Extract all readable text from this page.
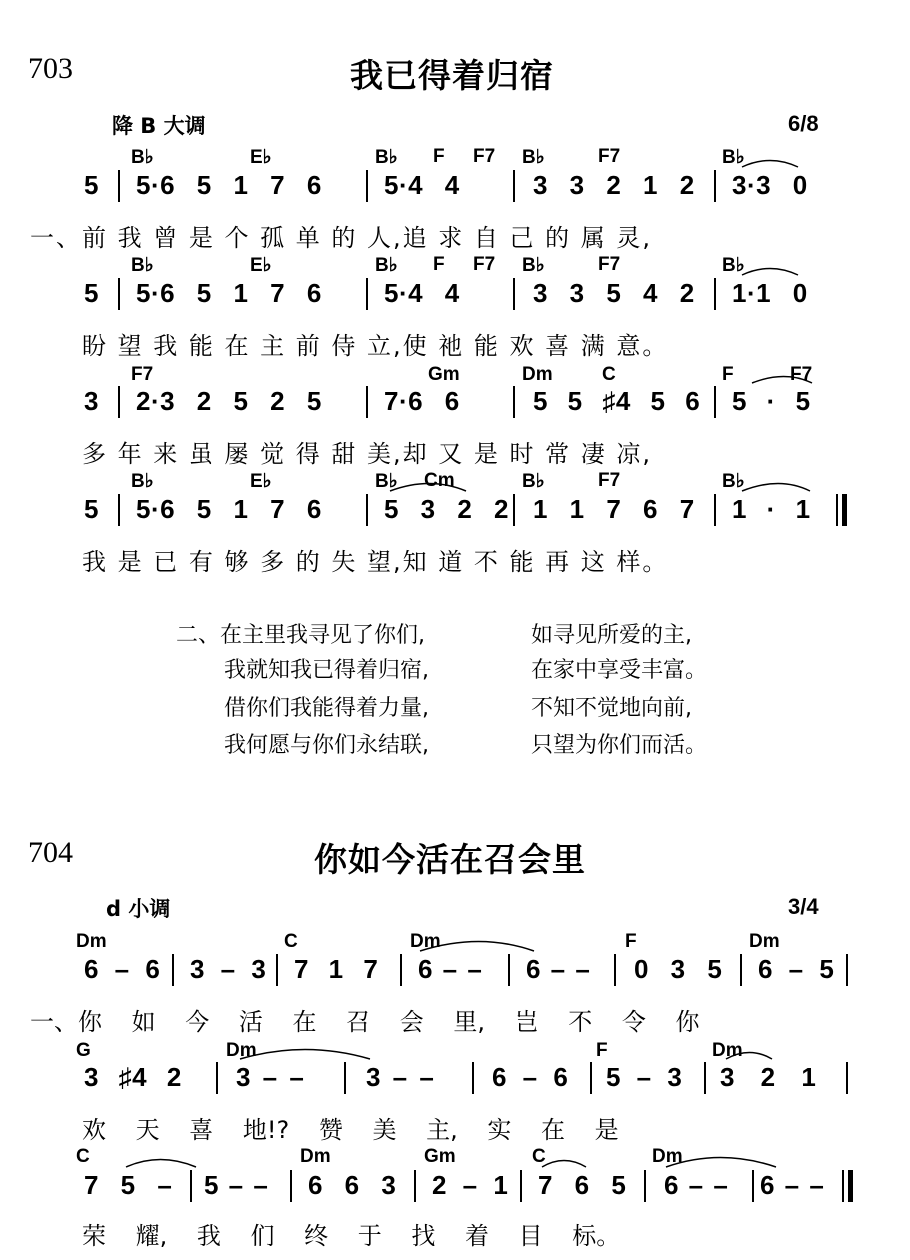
703	我已得着归宿
降 B 大调	6/8
B♭	E♭	B♭ F F7 B♭	F7	B♭
5 5·6 5 1 7 6 5·4 4	3 3 2 1 2 3·3 0
一、前 我 曾 是 个 孤 单 的 人,追 求 自 己 的 属 灵,
B♭	E♭	B♭ F F7 B♭	F7	B♭
5 5·6 5 1 7 6 5·4 4	3 3 5 4 2 1·1 0
盼 望 我 能 在 主 前 侍 立,使 祂 能 欢 喜 满 意。
F7	Gm	Dm	C	F	F7
3 2·3 2 5 2 5 7·6 6	5 5 ♯4 5 6 5 · 5
多 年 来 虽 屡 觉 得 甜 美,却 又 是 时 常 凄 凉,
B♭	E♭	B♭ Cm	B♭	F7	B♭
5 5·6 5 1 7 6 5 3 2 2 1 1 7 6 7 1 · 1
我 是 已 有 够 多 的 失 望,知 道 不 能 再 这 样。
二、在主里我寻见了你们,	如寻见所爱的主,
我就知我已得着归宿,	在家中享受丰富。
借你们我能得着力量,	不知不觉地向前,
我何愿与你们永结联,	只望为你们而活。
704	你如今活在召会里
d 小调	3/4
Dm	C	Dm	F	Dm
6 – 6 3 – 3 7 1 7 6 – – 6 – – 0 3 5 6 – 5
一、你 如 今 活 在 召 会 里, 岂 不 令 你
G	Dm	F	Dm
3 ♯4 2 3 – – 3 – – 6 – 6 5 – 3 3 2 1
欢 天 喜 地!? 赞 美 主, 实 在 是
C	Dm	Gm	C	Dm
7 5 – 5 – – 6 6 3 2 – 1 7 6 5 6 – – 6 – –
荣 耀, 我 们 终 于 找 着 目 标。
